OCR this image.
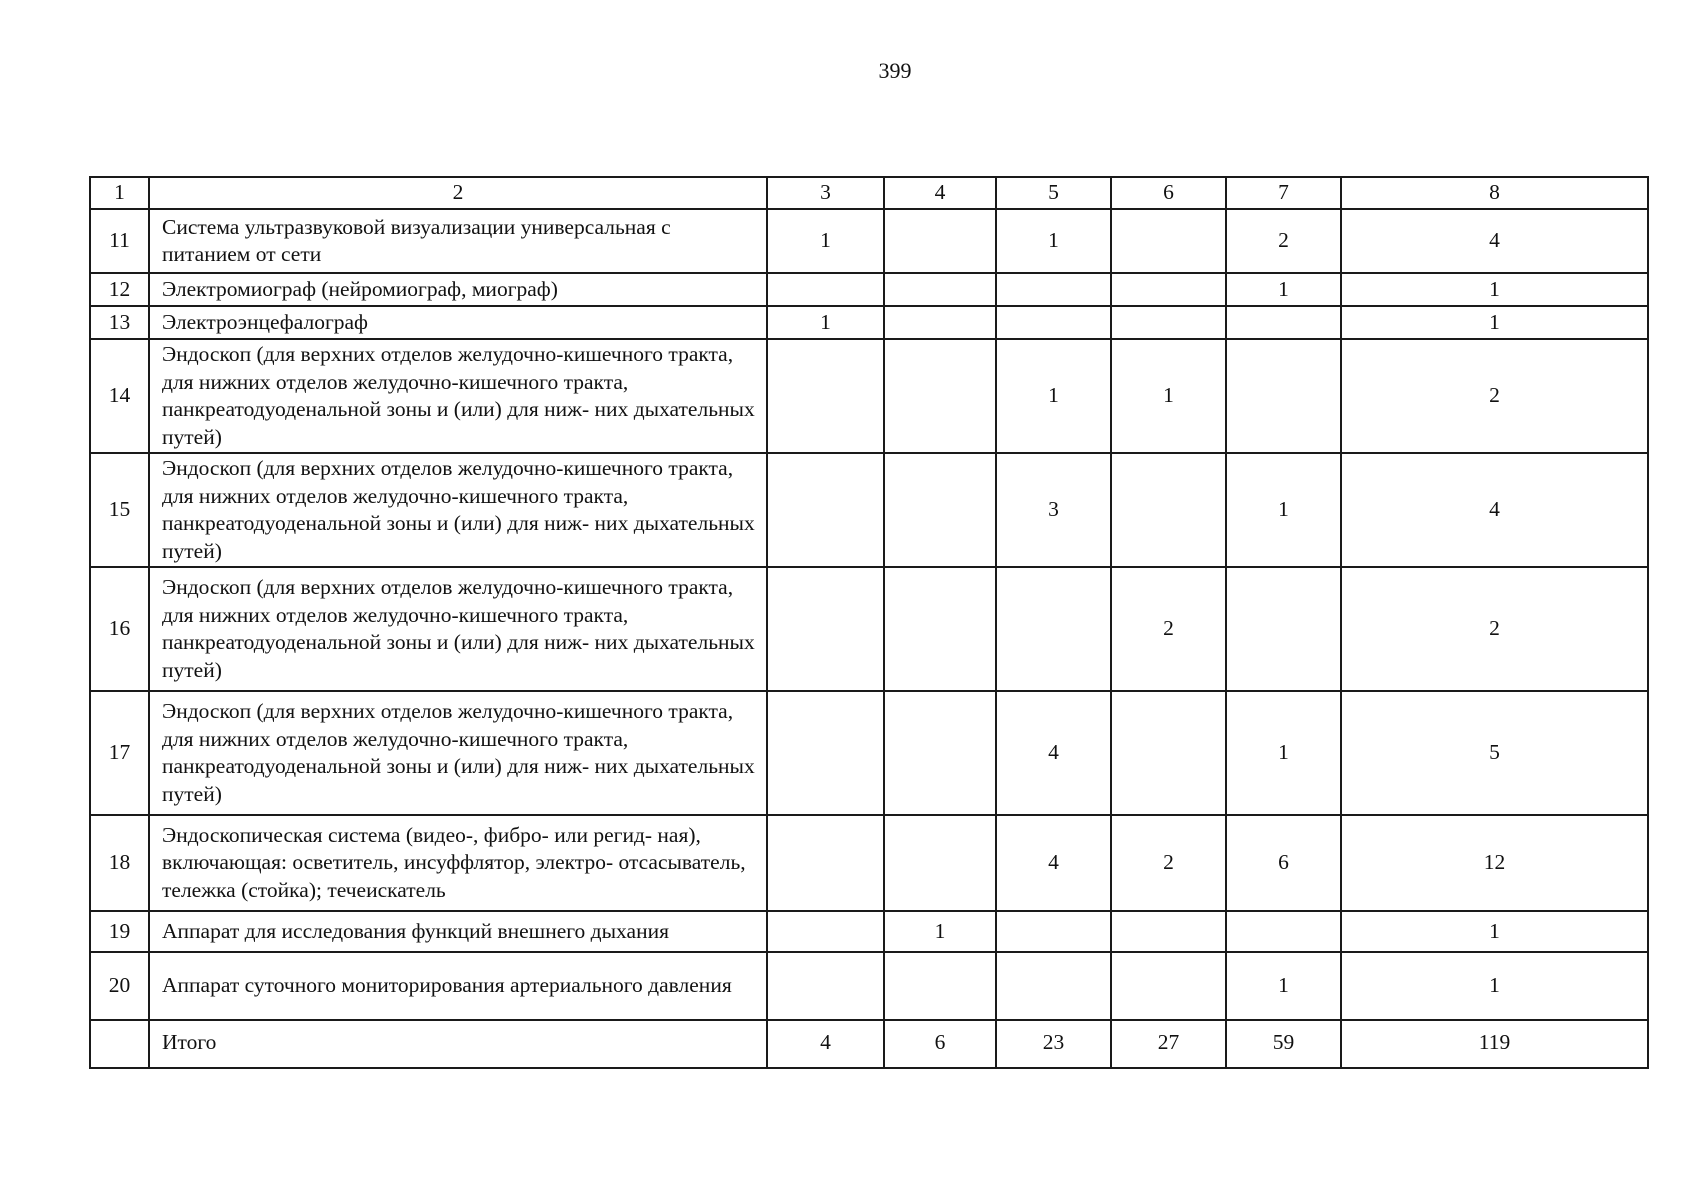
399
1	2	3	4	5	6	7	8
11	Система ультразвуковой визуализации универсальная с питанием от сети	1		1		2	4
12	Электромиограф (нейромиограф, миограф)					1	1
13	Электроэнцефалограф	1					1
14	Эндоскоп (для верхних отделов желудочно-кишечного тракта, для нижних отделов желудочно-кишечного тракта, панкреатодуоденальной зоны и (или) для ниж- них дыхательных путей)			1	1		2
15	Эндоскоп (для верхних отделов желудочно-кишечного тракта, для нижних отделов желудочно-кишечного тракта, панкреатодуоденальной зоны и (или) для ниж- них дыхательных путей)			3		1	4
16	Эндоскоп (для верхних отделов желудочно-кишечного тракта, для нижних отделов желудочно-кишечного тракта, панкреатодуоденальной зоны и (или) для ниж- них дыхательных путей)				2		2
17	Эндоскоп (для верхних отделов желудочно-кишечного тракта, для нижних отделов желудочно-кишечного тракта, панкреатодуоденальной зоны и (или) для ниж- них дыхательных путей)			4		1	5
18	Эндоскопическая система (видео-, фибро- или регид- ная), включающая: осветитель, инсуффлятор, электро- отсасыватель, тележка (стойка); течеискатель			4	2	6	12
19	Аппарат для исследования функций внешнего дыхания		1				1
20	Аппарат суточного мониторирования артериального давления					1	1
	Итого	4	6	23	27	59	119
